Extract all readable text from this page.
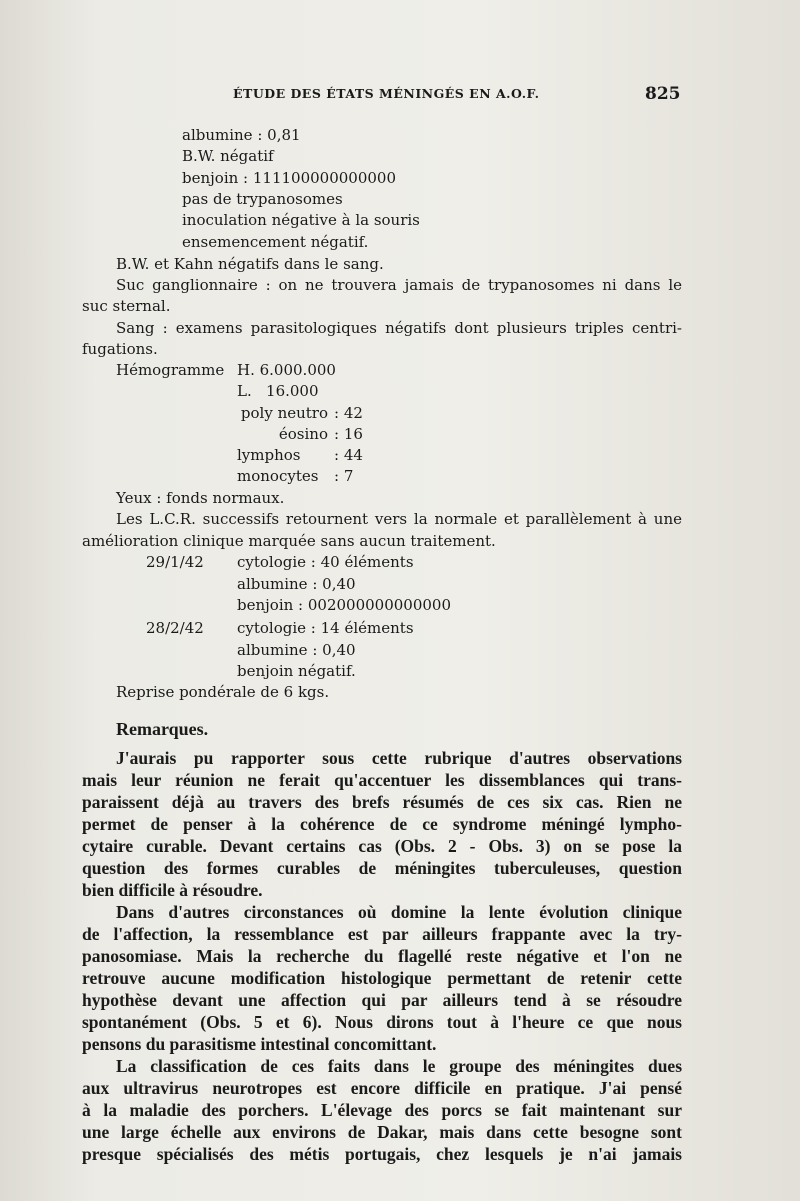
ÉTUDE DES ÉTATS MÉNINGÉS EN A.O.F.	825
albumine : 0,81
B.W. négatif
benjoin : 111100000000000
pas de trypanosomes
inoculation négative à la souris
ensemencement négatif.
B.W. et Kahn négatifs dans le sang.
Suc ganglionnaire : on ne trouvera jamais de trypanosomes ni dans le
suc sternal.
Sang : examens parasitologiques négatifs dont plusieurs triples centri-
fugations.
Hémogramme H. 6.000.000
L.   16.000
poly neutro : 42
éosino : 16
lymphos : 44
monocytes : 7
Yeux : fonds normaux.
Les L.C.R. successifs retournent vers la normale et parallèlement à une
amélioration clinique marquée sans aucun traitement.
29/1/42 cytologie : 40 éléments
albumine : 0,40
benjoin : 002000000000000
28/2/42 cytologie : 14 éléments
albumine : 0,40
benjoin négatif.
Reprise pondérale de 6 kgs.
Remarques.
J'aurais pu rapporter sous cette rubrique d'autres observations
mais leur réunion ne ferait qu'accentuer les dissemblances qui trans-
paraissent déjà au travers des brefs résumés de ces six cas. Rien ne
permet de penser à la cohérence de ce syndrome méningé lympho-
cytaire curable. Devant certains cas (Obs. 2 - Obs. 3) on se pose la
question des formes curables de méningites tuberculeuses, question
bien difficile à résoudre.
Dans d'autres circonstances où domine la lente évolution clinique
de l'affection, la ressemblance est par ailleurs frappante avec la try-
panosomiase. Mais la recherche du flagellé reste négative et l'on ne
retrouve aucune modification histologique permettant de retenir cette
hypothèse devant une affection qui par ailleurs tend à se résoudre
spontanément (Obs. 5 et 6). Nous dirons tout à l'heure ce que nous
pensons du parasitisme intestinal concomittant.
La classification de ces faits dans le groupe des méningites dues
aux ultravirus neurotropes est encore difficile en pratique. J'ai pensé
à la maladie des porchers. L'élevage des porcs se fait maintenant sur
une large échelle aux environs de Dakar, mais dans cette besogne sont
presque spécialisés des métis portugais, chez lesquels je n'ai jamais
